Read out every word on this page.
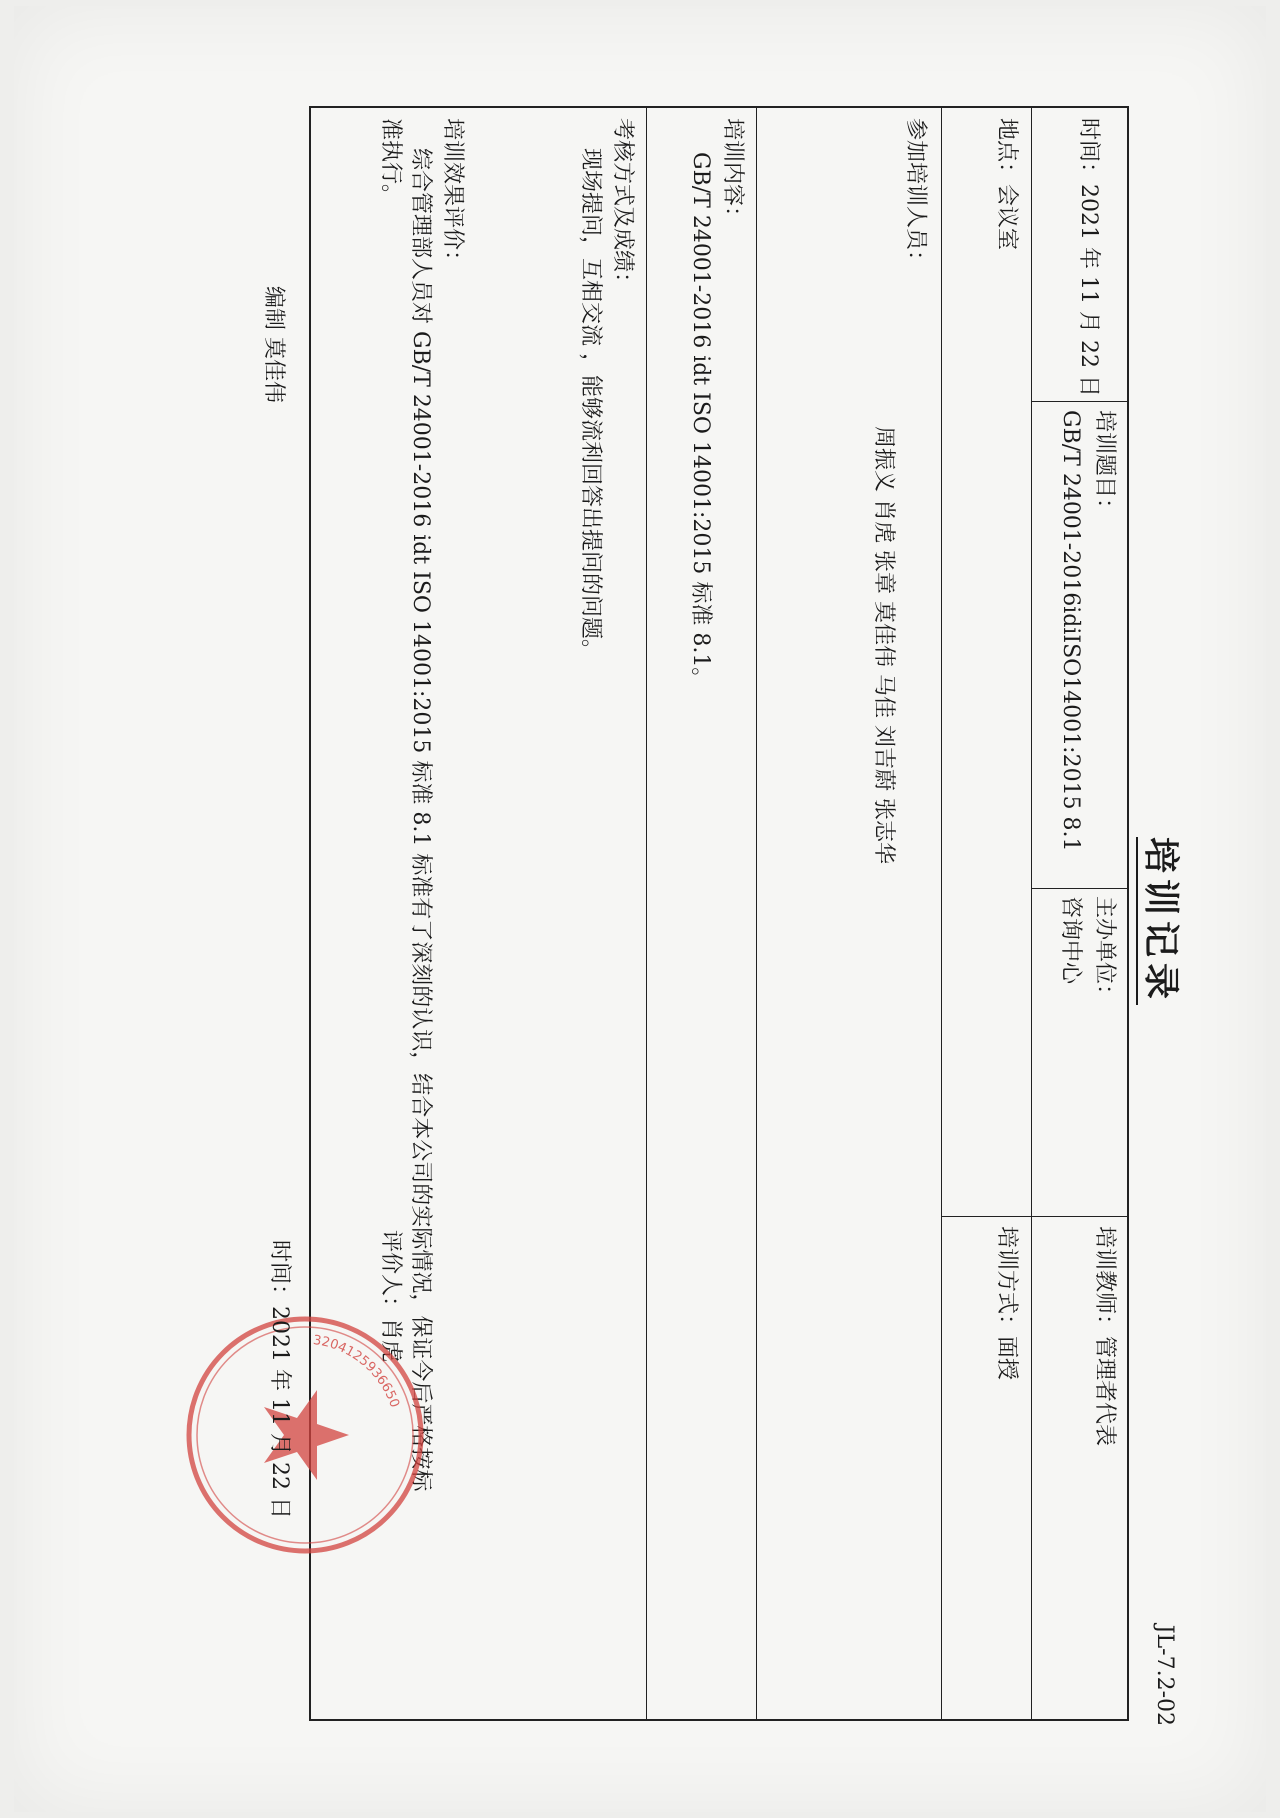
培训记录
JL-7.2-02
时间：2021 年 11 月 22 日
培训题目：
GB/T 24001-2016idiISO14001:2015 8.1
主办单位：
咨询中心
培训教师：管理者代表
地点：会议室
培训方式：面授
参加培训人员：
周振义 肖虎 张章 莫佳伟 马佳 刘吉蔚 张志华
培训内容：
GB/T 24001-2016 idt ISO 14001:2015 标准 8.1。
考核方式及成绩：
现场提问，互相交流 ，能够流利回答出提问的问题。
培训效果评价：
综合管理部人员对 GB/T 24001-2016 idt ISO 14001:2015 标准 8.1 标准有了深刻的认识，结合本公司的实际情况，保证今后严格按标
准执行。
评价人：肖虎
3204125936650
时间：2021 年 11 月 22 日
编制 莫佳伟
